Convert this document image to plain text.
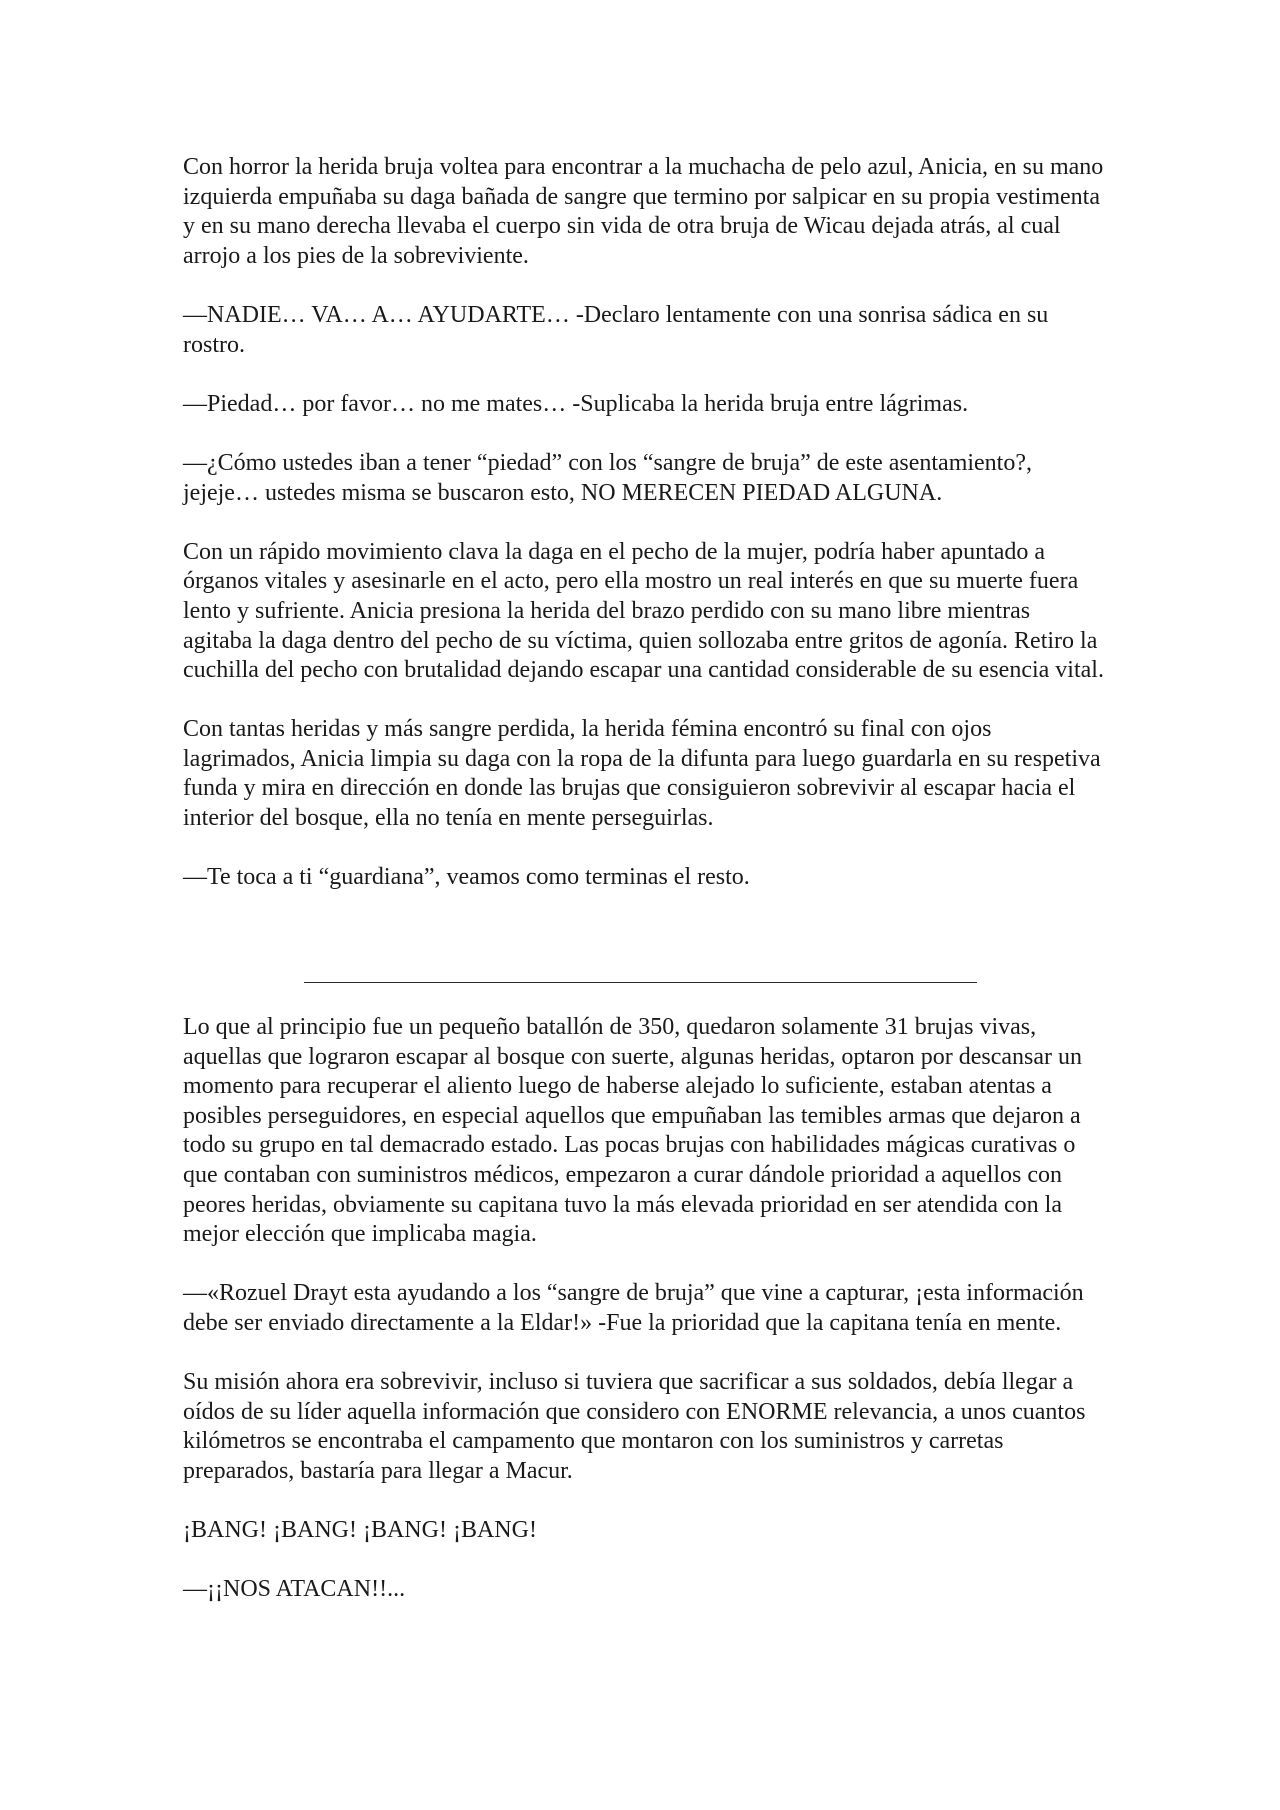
Con horror la herida bruja voltea para encontrar a la muchacha de pelo azul, Anicia, en su mano izquierda empuñaba su daga bañada de sangre que termino por salpicar en su propia vestimenta y en su mano derecha llevaba el cuerpo sin vida de otra bruja de Wicau dejada atrás, al cual arrojo a los pies de la sobreviviente.

—NADIE… VA… A… AYUDARTE… -Declaro lentamente con una sonrisa sádica en su rostro.

—Piedad… por favor… no me mates… -Suplicaba la herida bruja entre lágrimas.

—¿Cómo ustedes iban a tener “piedad” con los “sangre de bruja” de este asentamiento?, jejeje… ustedes misma se buscaron esto, NO MERECEN PIEDAD ALGUNA.

Con un rápido movimiento clava la daga en el pecho de la mujer, podría haber apuntado a órganos vitales y asesinarle en el acto, pero ella mostro un real interés en que su muerte fuera lento y sufriente. Anicia presiona la herida del brazo perdido con su mano libre mientras agitaba la daga dentro del pecho de su víctima, quien sollozaba entre gritos de agonía. Retiro la cuchilla del pecho con brutalidad dejando escapar una cantidad considerable de su esencia vital.

Con tantas heridas y más sangre perdida, la herida fémina encontró su final con ojos lagrimados, Anicia limpia su daga con la ropa de la difunta para luego guardarla en su respetiva funda y mira en dirección en donde las brujas que consiguieron sobrevivir al escapar hacia el interior del bosque, ella no tenía en mente perseguirlas.

—Te toca a ti “guardiana”, veamos como terminas el resto.

Lo que al principio fue un pequeño batallón de 350, quedaron solamente 31 brujas vivas, aquellas que lograron escapar al bosque con suerte, algunas heridas, optaron por descansar un momento para recuperar el aliento luego de haberse alejado lo suficiente, estaban atentas a posibles perseguidores, en especial aquellos que empuñaban las temibles armas que dejaron a todo su grupo en tal demacrado estado. Las pocas brujas con habilidades mágicas curativas o que contaban con suministros médicos, empezaron a curar dándole prioridad a aquellos con peores heridas, obviamente su capitana tuvo la más elevada prioridad en ser atendida con la mejor elección que implicaba magia.

—«Rozuel Drayt esta ayudando a los “sangre de bruja” que vine a capturar, ¡esta información debe ser enviado directamente a la Eldar!» -Fue la prioridad que la capitana tenía en mente.

Su misión ahora era sobrevivir, incluso si tuviera que sacrificar a sus soldados, debía llegar a oídos de su líder aquella información que considero con ENORME relevancia, a unos cuantos kilómetros se encontraba el campamento que montaron con los suministros y carretas preparados, bastaría para llegar a Macur.

¡BANG! ¡BANG! ¡BANG! ¡BANG!

—¡¡NOS ATACAN!!...
